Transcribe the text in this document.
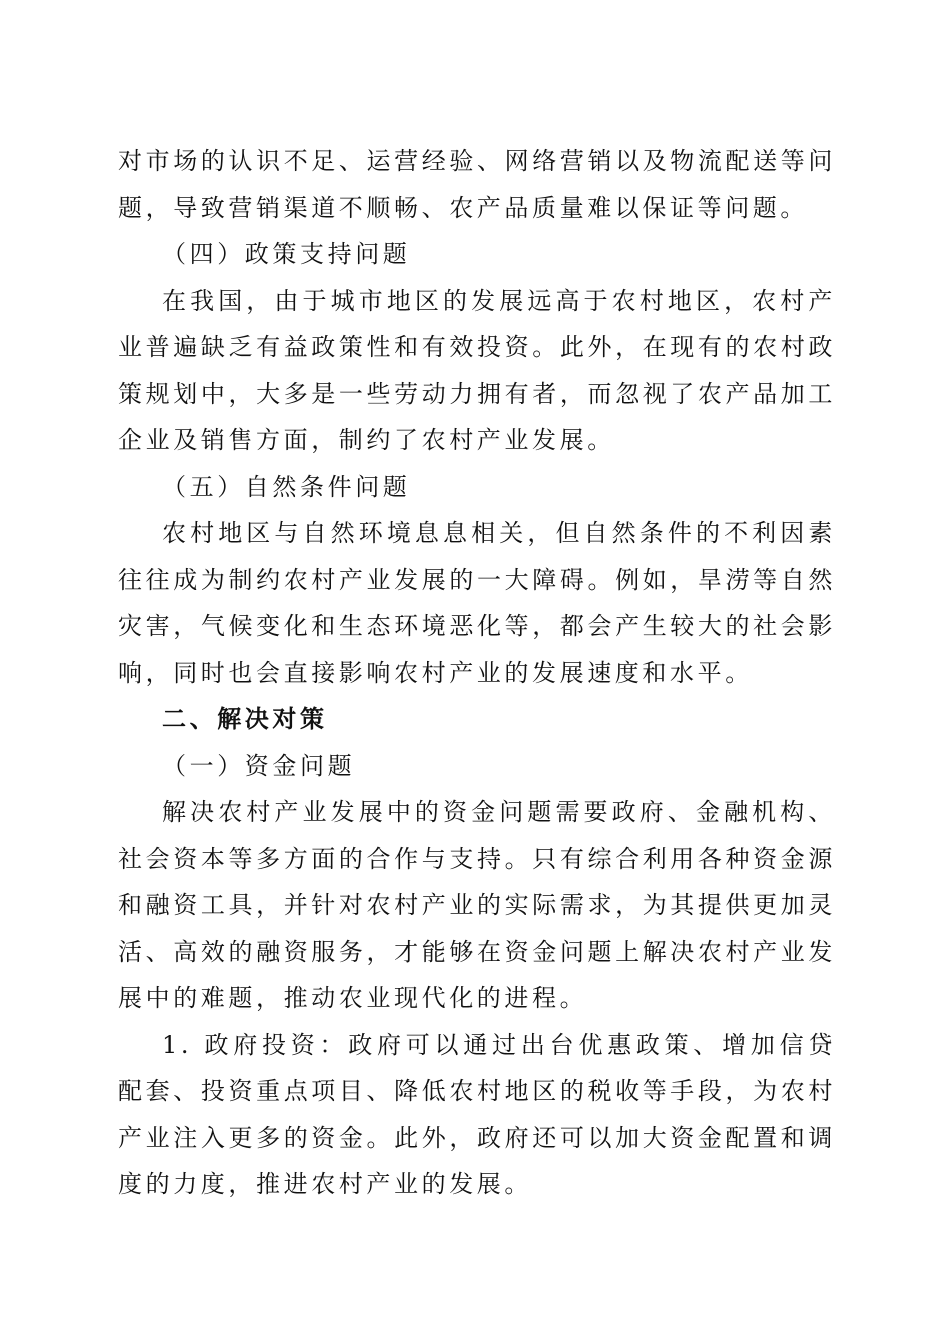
对市场的认识不足、运营经验、网络营销以及物流配送等问题，导致营销渠道不顺畅、农产品质量难以保证等问题。

（四）政策支持问题

在我国，由于城市地区的发展远高于农村地区，农村产业普遍缺乏有益政策性和有效投资。此外，在现有的农村政策规划中，大多是一些劳动力拥有者，而忽视了农产品加工企业及销售方面，制约了农村产业发展。

（五）自然条件问题

农村地区与自然环境息息相关，但自然条件的不利因素往往成为制约农村产业发展的一大障碍。例如，旱涝等自然灾害，气候变化和生态环境恶化等，都会产生较大的社会影响，同时也会直接影响农村产业的发展速度和水平。

二、解决对策

（一）资金问题

解决农村产业发展中的资金问题需要政府、金融机构、社会资本等多方面的合作与支持。只有综合利用各种资金源和融资工具，并针对农村产业的实际需求，为其提供更加灵活、高效的融资服务，才能够在资金问题上解决农村产业发展中的难题，推动农业现代化的进程。

1. 政府投资：政府可以通过出台优惠政策、增加信贷配套、投资重点项目、降低农村地区的税收等手段，为农村产业注入更多的资金。此外，政府还可以加大资金配置和调度的力度，推进农村产业的发展。
